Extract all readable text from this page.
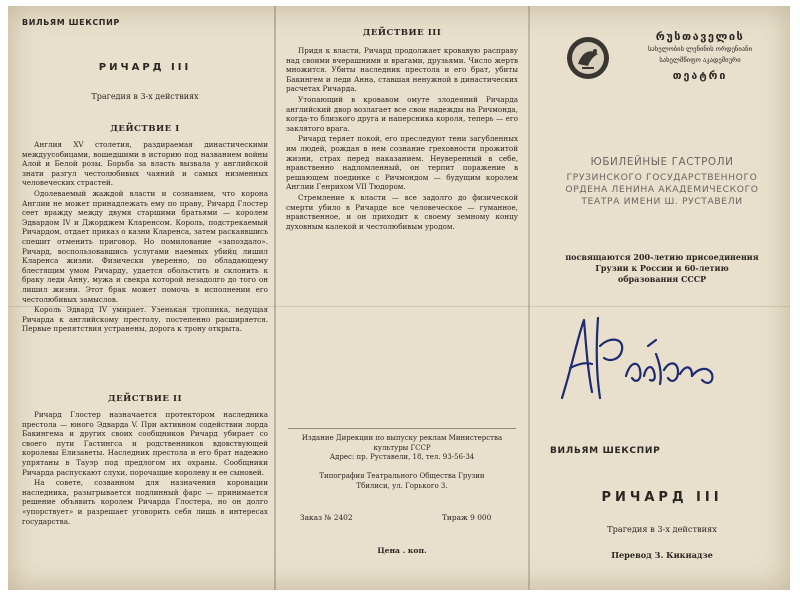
ВИЛЬЯМ ШЕКСПИР
РИЧАРД III
Трагедия в 3-х действиях

ДЕЙСТВИЕ I

Англия XV столетия, раздираемая династическими междуусобицами, вошедшими в историю под названием войны Алой и Белой розы. Борьба за власть вызвала у английской знати разгул честолюбивых чаяний и самых низменных человеческих страстей.

Одолеваемый жаждой власти и сознанием, что корона Англии не может принадлежать ему по праву, Ричард Глостер сеет вражду между двумя старшими братьями — королем Эдвардом IV и Джорджем Кларенсом. Король, подстрекаемый Ричардом, отдает приказ о казни Кларенса, затем раскаявшись спешит отменить приговор. Но помилование «запоздало». Ричард, воспользовавшись услугами наемных убийц лишил Кларенса жизни. Физически уверенно, по обладающему блестящим умом Ричарду, удается обольстить и склонить к браку леди Анну, мужа и свекра которой незадолго до того он лишил жизни. Этот брак может помочь в исполнении его честолюбивых замыслов.

Король Эдвард IV умирает. Узенькая тропинка, ведущая Ричарда к английскому престолу, постепенно расширяется. Первые препятствия устранены, дорога к трону открыта.

ДЕЙСТВИЕ II

Ричард Глостер назначается протектором наследника престола — юного Эдварда V. При активном содействии лорда Бакингема и других своих сообщников Ричард убирает со своего пути Гастингса и родственников вдовствующей королевы Елизаветы. Наследник престола и его брат надежно упрятаны в Тауэр под предлогом их охраны. Сообщники Ричарда распускают слухи, порочащие королеву и ее сыновей.

На совете, созванном для назначения коронации наследника, разыгрывается подлинный фарс — принимается решение объявить королем Ричарда Глостера, но он долго «упорствует» и разрешает уговорить себя лишь в интересах государства.

ДЕЙСТВИЕ III

Придя к власти, Ричард продолжает кровавую расправу над своими вчерашними и врагами, друзьями. Число жертв множится. Убиты наследник престола и его брат, убиты Бакингем и леди Анна, ставшая ненужной в династических расчетах Ричарда.

Утопающий в кровавом омуте злодеяний Ричарда английский двор возлагает все свои надежды на Ричмонда, когда-то близкого друга и наперсника короля, теперь — его заклятого врага.

Ричард теряет покой, его преследуют тени загубленных им людей, рождая в нем сознание греховности прожитой жизни, страх перед наказанием. Неуверенный в себе, нравственно надломленный, он терпит поражение в решающем поединке с Ричмондом — будущим королем Англии Генрихом VII Тюдором.

Стремление к власти — все задолго до физической смерти убило в Ричарде все человеческое — гуманное, нравственное, и он приходит к своему земному концу духовным калекой и честолюбивым уродом.

Издание Дирекции по выпуску реклам Министерства
культуры ГССР
Адрес: пр. Руставели, 18, тел. 93-56-34

Типография Театрального Общества Грузии
Тбилиси, ул. Горького 3.
Заказ № 2402	Тираж 9 000
Цена . коп.
რუსთაველის
სახელობის ლენინის ორდენიანი
სახელმწიფო აკადემიური
თეატრი
ЮБИЛЕЙНЫЕ ГАСТРОЛИ
ГРУЗИНСКОГО ГОСУДАРСТВЕННОГО
ОРДЕНА ЛЕНИНА АКАДЕМИЧЕСКОГО
ТЕАТРА ИМЕНИ Ш. РУСТАВЕЛИ
посвящаются 200-летию присоединения
Грузии к России и 60-летию
образования СССР
ВИЛЬЯМ ШЕКСПИР
РИЧАРД III
Трагедия в 3-х действиях
Перевод З. Кикнадзе
